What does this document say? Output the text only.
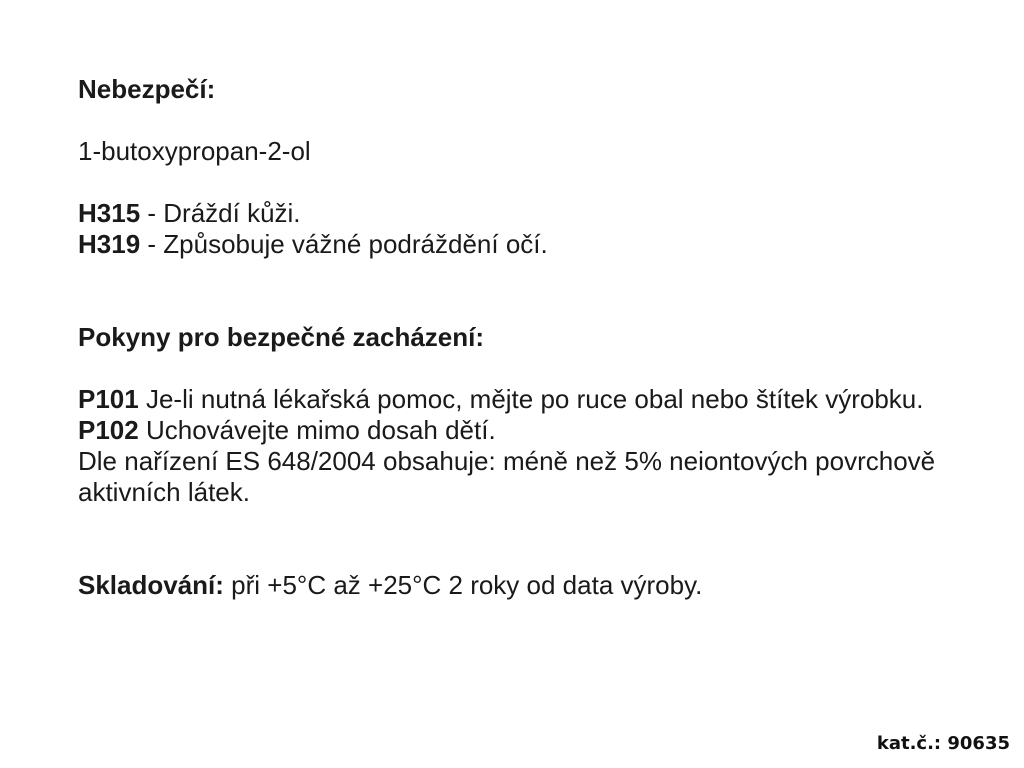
Nebezpečí:
1-butoxypropan-2-ol
H315 - Dráždí kůži.
H319 - Způsobuje vážné podráždění očí.
Pokyny pro bezpečné zacházení:
P101 Je-li nutná lékařská pomoc, mějte po ruce obal nebo štítek výrobku.
P102 Uchovávejte mimo dosah dětí.
Dle nařízení ES 648/2004 obsahuje: méně než 5% neiontových povrchově aktivních látek.
Skladování: při +5°C až +25°C 2 roky od data výroby.
kat.č.: 90635
